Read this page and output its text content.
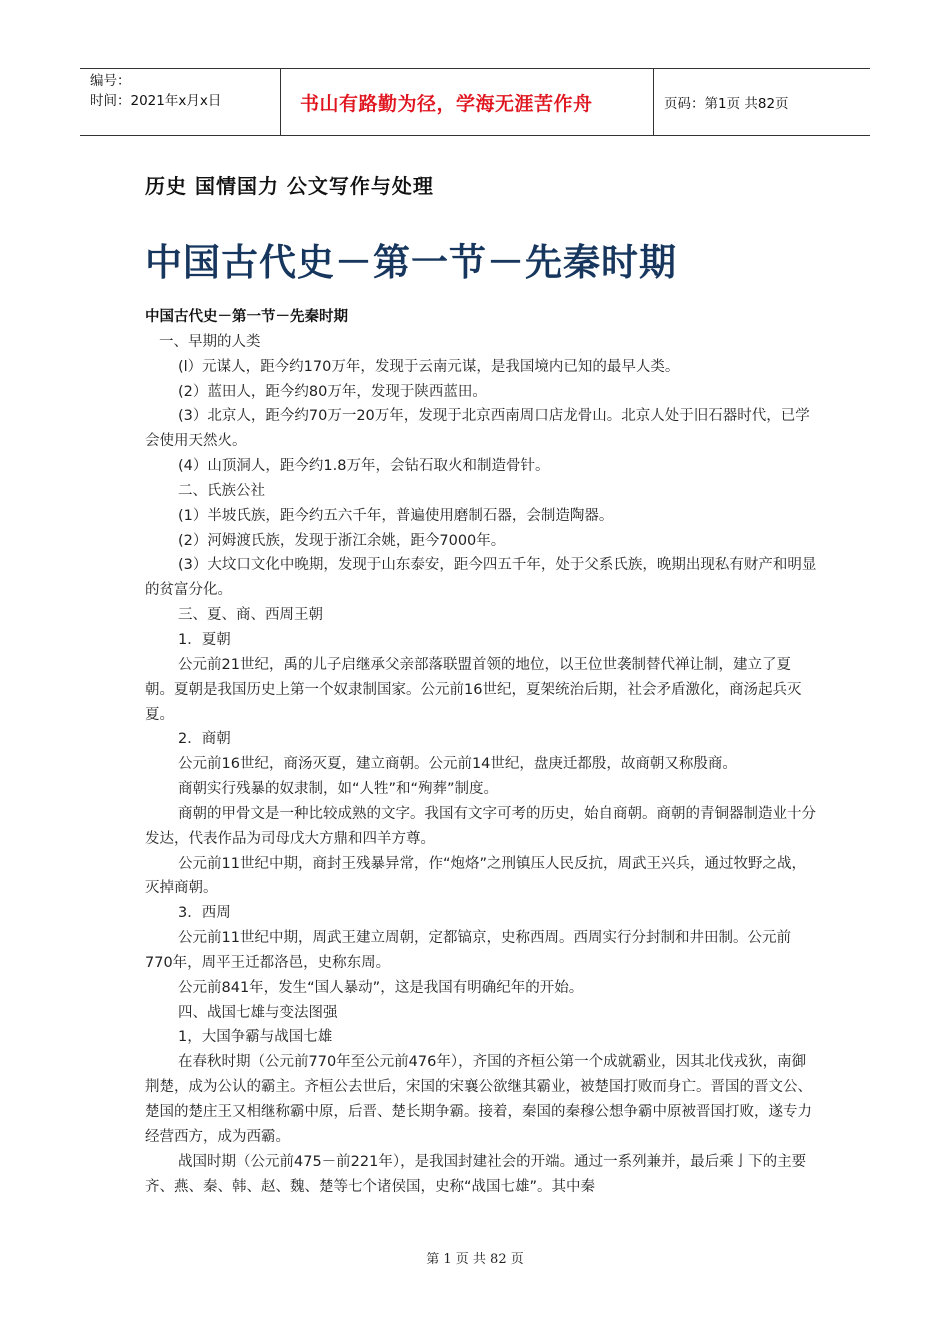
编号：
时间：2021年x月x日	书山有路勤为径，学海无涯苦作舟	页码：第1页 共82页
历史 国情国力 公文写作与处理
中国古代史－第一节－先秦时期

中国古代史－第一节－先秦时期

一、早期的人类

(l）元谋人，距今约170万年，发现于云南元谋，是我国境内已知的最早人类。

(2）蓝田人，距今约80万年，发现于陕西蓝田。

(3）北京人，距今约70万一20万年，发现于北京西南周口店龙骨山。北京人处于旧石器时代，已学会使用天然火。

(4）山顶洞人，距今约1.8万年，会钻石取火和制造骨针。

二、氏族公社

(1）半坡氏族，距今约五六千年，普遍使用磨制石器，会制造陶器。

(2）河姆渡氏族，发现于浙江余姚，距今7000年。

(3）大坟口文化中晚期，发现于山东泰安，距今四五千年，处于父系氏族，晚期出现私有财产和明显的贫富分化。

三、夏、商、西周王朝

1．夏朝

公元前21世纪，禹的儿子启继承父亲部落联盟首领的地位，以王位世袭制替代禅让制，建立了夏朝。夏朝是我国历史上第一个奴隶制国家。公元前16世纪，夏架统治后期，社会矛盾激化，商汤起兵灭夏。

2．商朝

公元前16世纪，商汤灭夏，建立商朝。公元前14世纪，盘庚迁都殷，故商朝又称殷商。

商朝实行残暴的奴隶制，如“人牲”和“殉葬”制度。

商朝的甲骨文是一种比较成熟的文字。我国有文字可考的历史，始自商朝。商朝的青铜器制造业十分发达，代表作品为司母戊大方鼎和四羊方尊。

公元前11世纪中期，商封王残暴异常，作“炮烙”之刑镇压人民反抗，周武王兴兵，通过牧野之战，灭掉商朝。

3．西周

公元前11世纪中期，周武王建立周朝，定都镐京，史称西周。西周实行分封制和井田制。公元前770年，周平王迁都洛邑，史称东周。

公元前841年，发生“国人暴动”，这是我国有明确纪年的开始。

四、战国七雄与变法图强

1，大国争霸与战国七雄

在春秋时期（公元前770年至公元前476年），齐国的齐桓公第一个成就霸业，因其北伐戎狄，南御荆楚，成为公认的霸主。齐桓公去世后，宋国的宋襄公欲继其霸业，被楚国打败而身亡。晋国的晋文公、楚国的楚庄王又相继称霸中原，后晋、楚长期争霸。接着，秦国的秦穆公想争霸中原被晋国打败，遂专力经营西方，成为西霸。

战国时期（公元前475－前221年），是我国封建社会的开端。通过一系列兼并，最后乘亅下的主要齐、燕、秦、韩、赵、魏、楚等七个诸侯国，史称“战国七雄”。其中秦

第 1 页 共 82 页
